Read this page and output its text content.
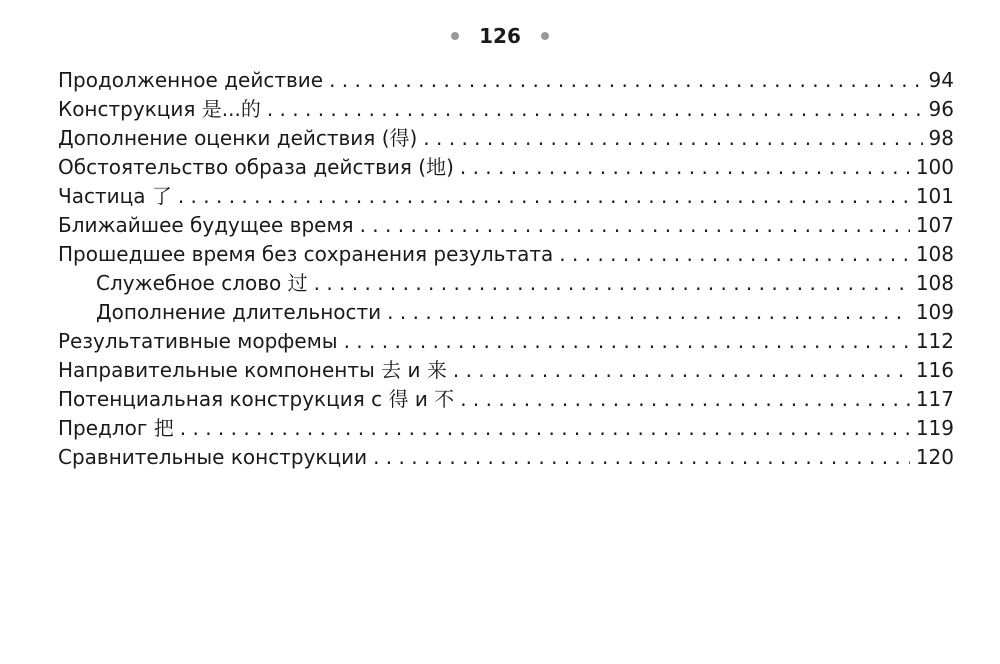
126
Продолженное действие . . .	94
Конструкция 是...的 . . .	96
Дополнение оценки действия (得) . . .	98
Обстоятельство образа действия (地) . . .	100
Частица 了 . . .	101
Ближайшее будущее время . . .	107
Прошедшее время без сохранения результата . . .	108
Служебное слово 过 . . .	108
Дополнение длительности . . .	109
Результативные морфемы . . .	112
Направительные компоненты 去 и 来 . . .	116
Потенциальная конструкция с 得 и 不 . . .	117
Предлог 把 . . .	119
Сравнительные конструкции . . .	120
